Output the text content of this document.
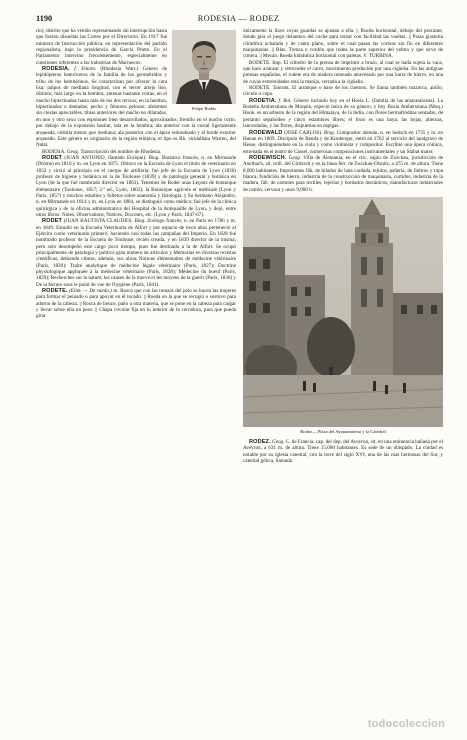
1190	RODESIA — RODEZ
Felipe Rodés

rio), distrito que ha venido representando sin interrupción hasta que fueron disueltas las Cortes por el Directorio. En 1917 fué ministro de Instrucción pública, en representación del partido regionalista, bajo la presidencia de García Prieto. En el Parlamento intervino frecuentemente, especialmente en cuestiones referentes a las industrias de Marruecos.

RODESIA. f. Entom. (Rhodesia Warr.) Género de lepidópteros heteróceros de la familia de los geométridos y tribu de los hemitérinos. Se caracterizan por ofrecer la cara lisa; palpos de mediana longitud, con el tercer artejo liso, distinto, más largo en la hembra; antenas bastante cortas, en el macho bipectinadas hasta más de los dos tercios; en la hembra, bipectinadas o dentadas; pecho y fémures pelosos; abdomen sin crestas apreciables, tibias anteriores del macho no dilatadas, en uno y otro sexo con espolones bien desarrollados, aproximados; frenillo en el macho corto, por debajo de la expansión basilar, tala en la hembra; ala anterior con la costal ligeramente arqueada, cédulla menor que mediana; ala posterior con el ápice redondeado y el borde exterior arqueado. Este género es originario de la región etiópica; el tipo es Rh. viridalbata Warren, del Natal.

RODESIA. Geog. Transcripción del nombre de Rhodesia.

RODET (JUAN ANTONIO, llamado Enrique). Biog. Botánico francés, n. en Mirmande (Drôme) en 1810 y m. en Lyon en 1875. Obtuvo en la Escuela de Lyon el título de veterinario en 1832 y sirvió al principio en el cuerpo de artillería; fué jefe de la Escuela de Lyon (1836) profesor de higiene y botánica en la de Toulouse (1839) y de patología general y botánica en Lyon (de la que fué nombrado director en 1863). Tenemos de Rodet unas Leçons de botanique élémentaire (Toulouse, 1857; 2.ª ed., Lyon, 1862); la Botanique agricole et médicale (Lyon y París, 1857) y muchos estudios y folletos sobre anatomía y fisiología. || Su hermano Alejandro, n. en Mirmande en 1814 y m. en Lyon en 1884, se distinguió como médico; fué jefe de la clínica quirúrgica y de la oficina administrativa del Hospital de la Antiquaille de Lyon, y dejó, entre otros libros: Notes, Observations, Notices, Discours, etc. (Lyon y París, 1847-67).

RODET (JUAN BAUTISTA CLAUDIO). Biog. Zoólogo francés, n. en París en 1786 y m. en 1849. Estudió en la Escuela Veterinaria de Alfort y por espacio de trece años perteneció al Ejército como veterinario primero, haciendo casi todas las campañas del Imperio. En 1828 fué nombrado profesor de la Escuela de Toulouse, recién creada, y en 1839 director de la misma; pero solo desempeñó este cargo poco tiempo, pues fué destinado a la de Alfort. Se ocupó principalmente de patología y publicó gran número de artículos y Memorias en diversas revistas científicas, debiendo citarse, además, sus obras Notions élémentaires de médecine vétérinaire (París, 1820); Traité analytique de médecine légale vétérinaire (París, 1827); Doctrine physiologique appliquée à la médecine vétérinaire (París, 1828); Médecine du boeuf (París, 1829); Recherches sur la nature, les causes de la morve et les moyens de la guérir (París, 1830) y De la ferrure sous le point de vue de l'hygiène (París, 1841).

RODETE. (Etim. — De rueda.) m. Rosca que con las trenzas del pelo se hacen las mujeres para formar el peinado o para apoyar en él tocado. || Rueda en la que se recogió o sostuvo para adorno de la cabeza. || Rosca de lienzo, paño u otra materia, que se pone en la cabeza para cargar y llevar sobre ella un peso. || Chapa circular fija en lo interior de la cerradura, para que pueda girar

únicamente la llave cuyas guardas se ajustan a ella. || Rueda horizontal, debajo del pescante, donde gira el juego delantero del coche para tomar con facilidad las vueltas. || Pieza giratoria cilíndrica achatada y de canto plano, sobre el cual pasan las correas sin fin en diferentes maquinarias. || Blas. Trenza o cordón que rodea la parte superior del yelmo y que sirve de cimera. || Mecán. Rueda hidráulica horizontal con paletas. V. TURBINA.

RODETE. Imp. El cilindro de la prensa de imprimir a brazo, al cual se halla sujeta la vaca, que hace avanzar y retroceder el carro, movimiento producido por una cigüeña. En las antiguas prensas españolas, el rodete era de madera tomeado atravesado por una barra de hierro, en una de cuyas extremidades está la manija, cerrada a la cigüeña.

RODETE. Taurom. El arranque o base de los cuernos. Se llama también mazorca, anillo, círculo o cepa.

RODETIA. f. Bot. Género incluido hoy en el Bosia L. (familia de las amarantáceas). La Rodetia Amherstiana de Moquin, especie única de su género, y hoy Bosia Amherstiana (Moq.) Hook. es un arbusto de la región del Himalaya, de la India, con flores hermafroditas sentadas, de perianto sepaloideo y cinco estambres libres; el fruto es una baya; las hojas, alternas, lanceoladas, y las flores, dispuestas en espigas.

RODEWALD (JOSÉ CARLOS). Biog. Compositor alemán, n. en Seitsch en 1735 y m. en Hanau en 1809. Discípulo de Benda y de Kirnberger, entró en 1762 al servicio del landgrave de Hesse, distinguiéndose en la viola y como violinista y compositor. Escribió una ópera cómica, estrenada en el teatro de Cassel, numerosas composiciones instrumentales y un Stabat mater.

RODEWISCH. Geog. Villa de Alemania, en el círc. sajón de Zwickau, jurisdicción de Auerbach, sit. orill. del Göltzsch y en la línea férr. de Zwickau-Olsnitz, a 475 m. de altura. Tiene 8,000 habitantes. Importantes fáb. de hilados de lana cardada, tejidos, pañería, de fieltros y ropa blanca, fundición de hierro, industria de la construcción de maquinaria, curtidos, industria de la madera, fáb. de cartones para textiles, tejerías y bordados mecánicos, manufacturas industriales de cartón, cerveza y unos 9,000 h.

Rodez.—Plaza del Ayuntamiento y la Catedral

RODEZ. Geog. C. de Francia, cap. del dep. del Aveyron, sit. en una eminencia bañada por el Aveyron, a 631 m. de altura. Tiene 15,000 habitantes. Es sede de un obispado. La ciudad es notable por su iglesia catedral, con la torre del siglo XVI, una de las más hermosas del Sur, y catedral gótica, llamada

todocoleccion
